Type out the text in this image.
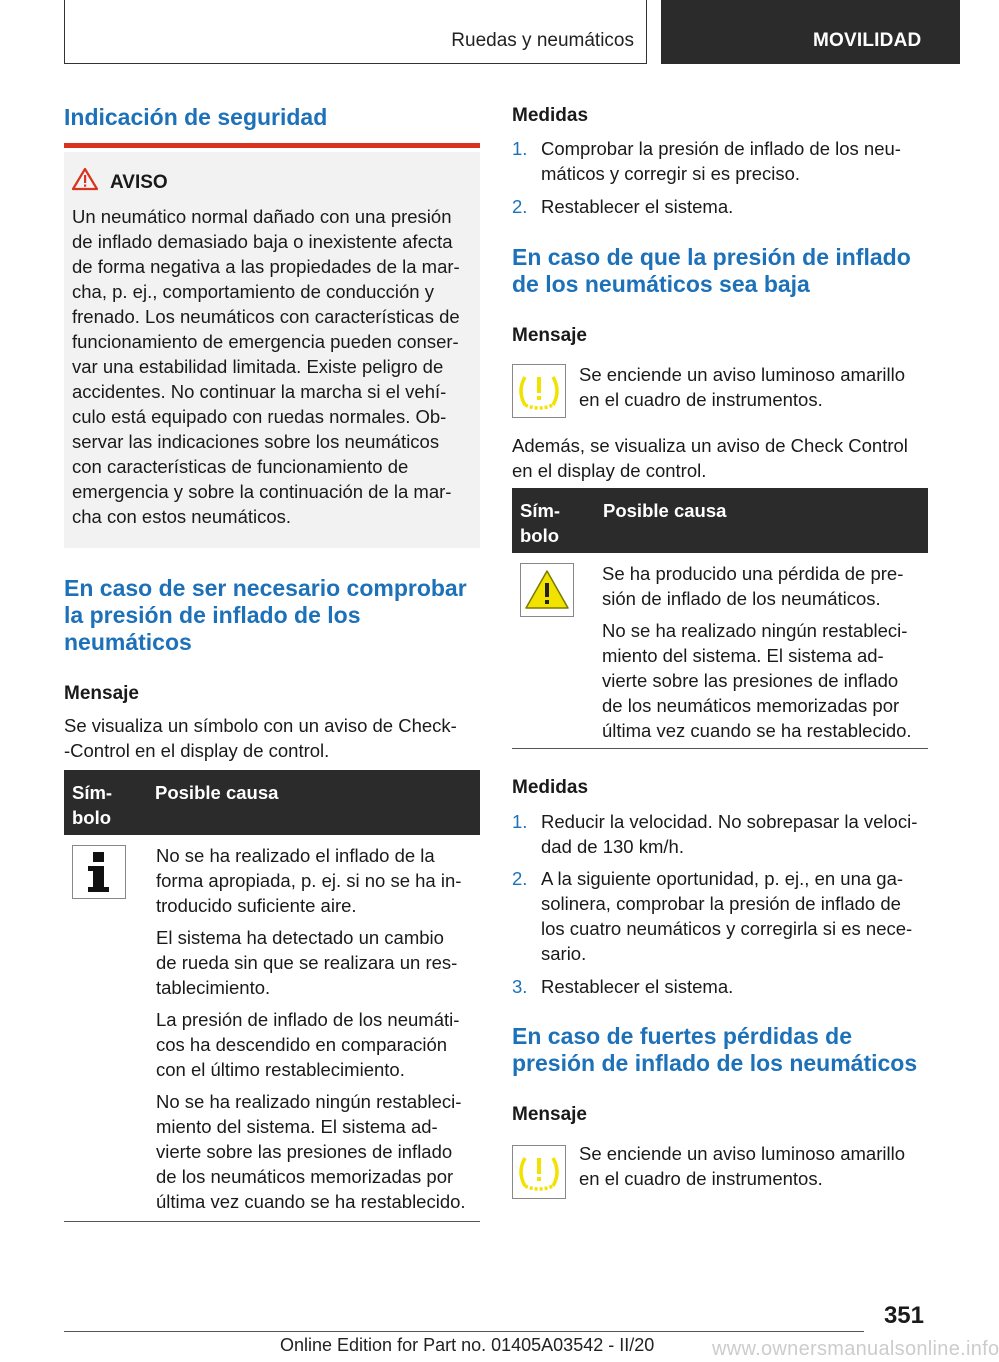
Ruedas y neumáticos	MOVILIDAD
Indicación de seguridad
AVISO

Un neumático normal dañado con una presión

de inflado demasiado baja o inexistente afecta

de forma negativa a las propiedades de la mar-

cha, p. ej., comportamiento de conducción y

frenado. Los neumáticos con características de

funcionamiento de emergencia pueden conser-

var una estabilidad limitada. Existe peligro de

accidentes. No continuar la marcha si el vehí-

culo está equipado con ruedas normales. Ob-

servar las indicaciones sobre los neumáticos

con características de funcionamiento de

emergencia y sobre la continuación de la mar-

cha con estos neumáticos.

En caso de ser necesario comprobar
la presión de inflado de los
neumáticos
Mensaje

Se visualiza un símbolo con un aviso de Check-

-Control en el display de control.

Sím-
bolo
Posible causa

No se ha realizado el inflado de la

forma apropiada, p. ej. si no se ha in-

troducido suficiente aire.

El sistema ha detectado un cambio

de rueda sin que se realizara un res-

tablecimiento.

La presión de inflado de los neumáti-

cos ha descendido en comparación

con el último restablecimiento.

No se ha realizado ningún restableci-

miento del sistema. El sistema ad-

vierte sobre las presiones de inflado

de los neumáticos memorizadas por

última vez cuando se ha restablecido.

Medidas
1. Comprobar la presión de inflado de los neu-

máticos y corregir si es preciso.

2. Restablecer el sistema.

En caso de que la presión de inflado
de los neumáticos sea baja
Mensaje

Se enciende un aviso luminoso amarillo

en el cuadro de instrumentos.

Además, se visualiza un aviso de Check Control

en el display de control.

Sím-
bolo
Posible causa

Se ha producido una pérdida de pre-

sión de inflado de los neumáticos.

No se ha realizado ningún restableci-

miento del sistema. El sistema ad-

vierte sobre las presiones de inflado

de los neumáticos memorizadas por

última vez cuando se ha restablecido.

Medidas
1. Reducir la velocidad. No sobrepasar la veloci-

dad de 130 km/h.

2. A la siguiente oportunidad, p. ej., en una ga-

solinera, comprobar la presión de inflado de

los cuatro neumáticos y corregirla si es nece-

sario.

3. Restablecer el sistema.

En caso de fuertes pérdidas de
presión de inflado de los neumáticos
Mensaje

Se enciende un aviso luminoso amarillo

en el cuadro de instrumentos.

351
Online Edition for Part no. 01405A03542 - II/20	www.ownersmanualsonline.info
